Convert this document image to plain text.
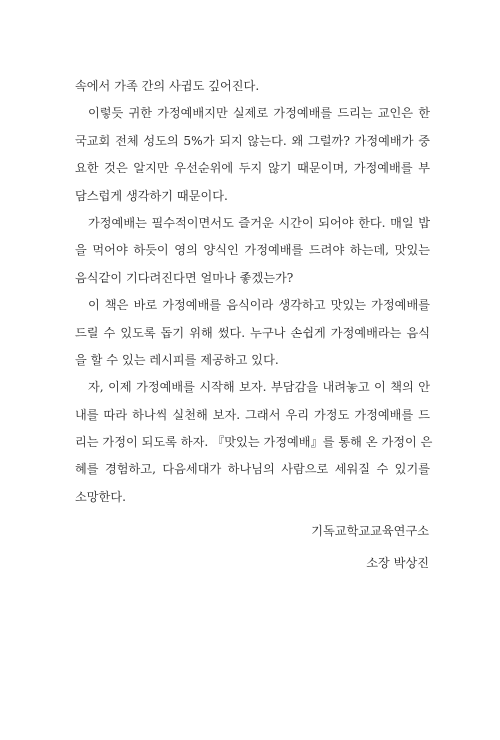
속에서 가족 간의 사귐도 깊어진다.
이렇듯 귀한 가정예배지만 실제로 가정예배를 드리는 교인은 한
국교회 전체 성도의 5%가 되지 않는다. 왜 그럴까? 가정예배가 중
요한 것은 알지만 우선순위에 두지 않기 때문이며, 가정예배를 부
담스럽게 생각하기 때문이다.
가정예배는 필수적이면서도 즐거운 시간이 되어야 한다. 매일 밥
을 먹어야 하듯이 영의 양식인 가정예배를 드려야 하는데, 맛있는
음식같이 기다려진다면 얼마나 좋겠는가?
이 책은 바로 가정예배를 음식이라 생각하고 맛있는 가정예배를
드릴 수 있도록 돕기 위해 썼다. 누구나 손쉽게 가정예배라는 음식
을 할 수 있는 레시피를 제공하고 있다.
자, 이제 가정예배를 시작해 보자. 부담감을 내려놓고 이 책의 안
내를 따라 하나씩 실천해 보자. 그래서 우리 가정도 가정예배를 드
리는 가정이 되도록 하자. 『맛있는 가정예배』를 통해 온 가정이 은
혜를 경험하고, 다음세대가 하나님의 사람으로 세워질 수 있기를
소망한다.
기독교학교교육연구소
소장 박상진
